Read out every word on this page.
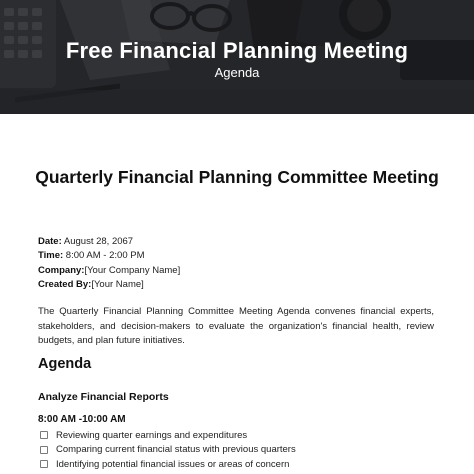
Free Financial Planning Meeting
Agenda
Quarterly Financial Planning Committee Meeting
Date: August 28, 2067
Time: 8:00 AM - 2:00 PM
Company:[Your Company Name]
Created By:[Your Name]

The Quarterly Financial Planning Committee Meeting Agenda convenes financial experts, stakeholders, and decision-makers to evaluate the organization's financial health, review budgets, and plan future initiatives.

Agenda
Analyze Financial Reports
8:00 AM -10:00 AM
Reviewing quarter earnings and expenditures
Comparing current financial status with previous quarters
Identifying potential financial issues or areas of concern
